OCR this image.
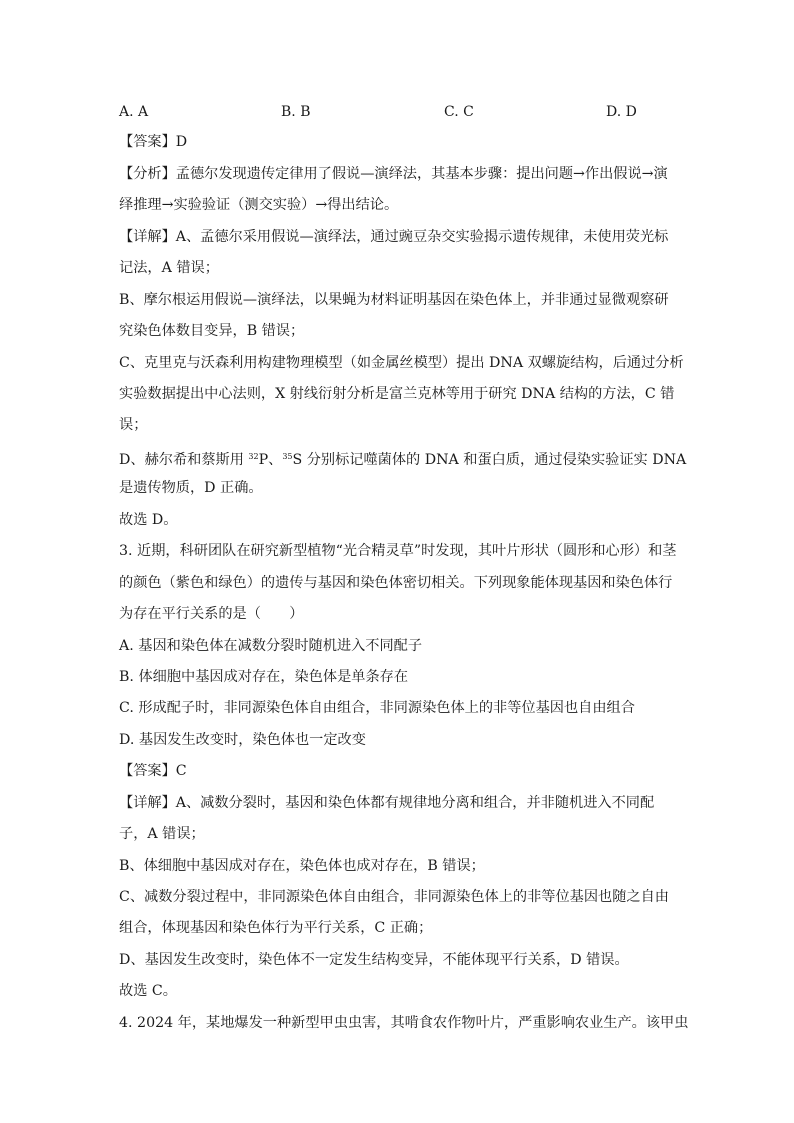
A. A	B. B	C. C	D. D
【答案】D
【分析】孟德尔发现遗传定律用了假说—演绎法，其基本步骤：提出问题→作出假说→演
绎推理→实验验证（测交实验）→得出结论。
【详解】A、孟德尔采用假说—演绎法，通过豌豆杂交实验揭示遗传规律，未使用荧光标
记法，A 错误；
B、摩尔根运用假说—演绎法，以果蝇为材料证明基因在染色体上，并非通过显微观察研
究染色体数目变异，B 错误；
C、克里克与沃森利用构建物理模型（如金属丝模型）提出 DNA 双螺旋结构，后通过分析
实验数据提出中心法则，X 射线衍射分析是富兰克林等用于研究 DNA 结构的方法，C 错
误；
D、赫尔希和蔡斯用 $^{32}$P、$^{35}$S 分别标记噬菌体的 DNA 和蛋白质，通过侵染实验证实 DNA
是遗传物质，D 正确。
故选 D。
3. 近期，科研团队在研究新型植物“光合精灵草”时发现，其叶片形状（圆形和心形）和茎
的颜色（紫色和绿色）的遗传与基因和染色体密切相关。下列现象能体现基因和染色体行
为存在平行关系的是（　　）
A. 基因和染色体在减数分裂时随机进入不同配子
B. 体细胞中基因成对存在，染色体是单条存在
C. 形成配子时，非同源染色体自由组合，非同源染色体上的非等位基因也自由组合
D. 基因发生改变时，染色体也一定改变
【答案】C
【详解】A、减数分裂时，基因和染色体都有规律地分离和组合，并非随机进入不同配
子，A 错误；
B、体细胞中基因成对存在，染色体也成对存在，B 错误；
C、减数分裂过程中，非同源染色体自由组合，非同源染色体上的非等位基因也随之自由
组合，体现基因和染色体行为平行关系，C 正确；
D、基因发生改变时，染色体不一定发生结构变异，不能体现平行关系，D 错误。
故选 C。
4. 2024 年，某地爆发一种新型甲虫虫害，其啃食农作物叶片，严重影响农业生产。该甲虫
